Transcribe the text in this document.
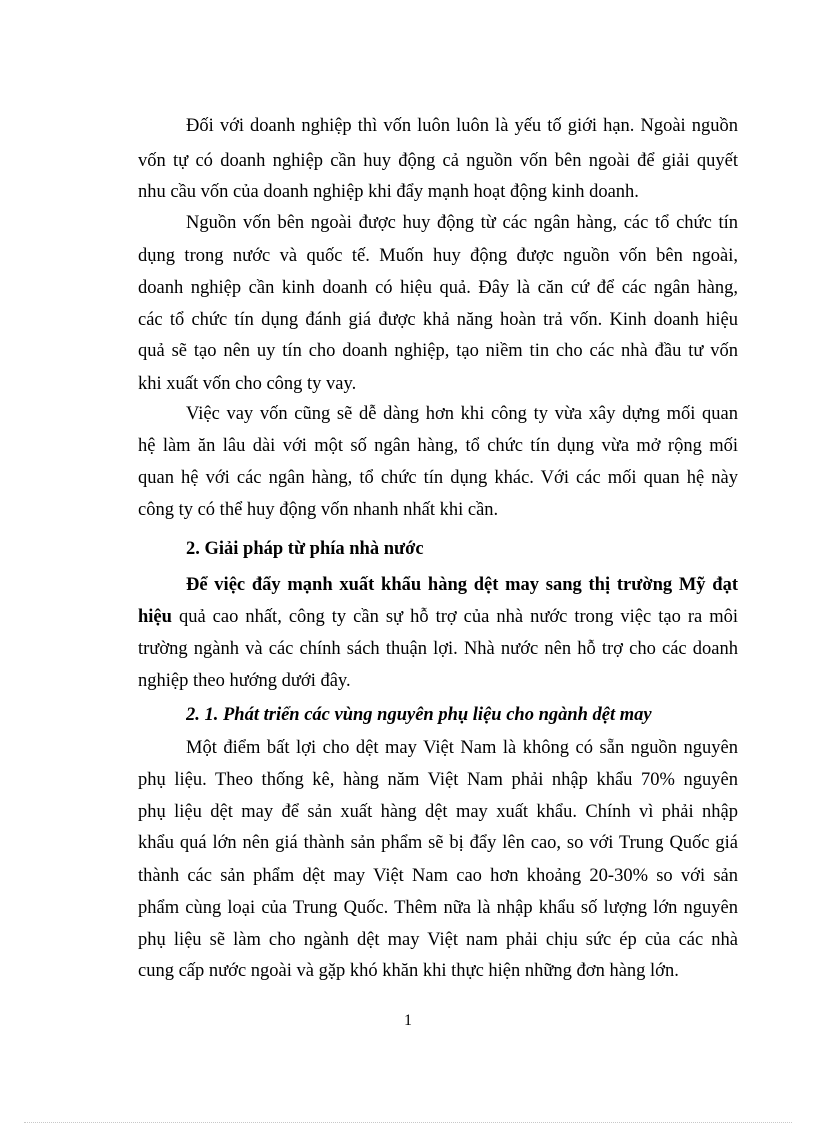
Đối với doanh nghiệp thì vốn luôn luôn là yếu tố giới hạn. Ngoài nguồn
vốn tự có doanh nghiệp cần huy động cả nguồn vốn bên ngoài để giải quyết
nhu cầu vốn của doanh nghiệp khi đẩy mạnh hoạt động kinh doanh.
Nguồn vốn bên ngoài được huy động từ các ngân hàng, các tổ chức tín
dụng trong nước và quốc tế. Muốn huy động được nguồn vốn bên ngoài,
doanh nghiệp cần kinh doanh có hiệu quả. Đây là căn cứ để các ngân hàng,
các tổ chức tín dụng đánh giá được khả năng hoàn trả vốn. Kinh doanh hiệu
quả sẽ tạo nên uy tín cho doanh nghiệp, tạo niềm tin cho các nhà đầu tư vốn
khi xuất vốn cho công ty vay.
Việc vay vốn cũng sẽ dễ dàng hơn khi công ty vừa xây dựng mối quan
hệ làm ăn lâu dài với một số ngân hàng, tổ chức tín dụng vừa mở rộng mối
quan hệ với các ngân hàng, tổ chức tín dụng khác. Với các mối quan hệ này
công ty có thể huy động vốn nhanh nhất khi cần.
2. Giải pháp từ phía nhà nước
Để việc đẩy mạnh xuất khẩu hàng dệt may sang thị trường Mỹ đạt
hiệu quả cao nhất, công ty cần sự hỗ trợ của nhà nước trong việc tạo ra môi
trường ngành và các chính sách thuận lợi. Nhà nước nên hỗ trợ cho các doanh
nghiệp theo hướng dưới đây.
2. 1. Phát triển các vùng nguyên phụ liệu cho ngành dệt may
Một điểm bất lợi cho dệt may Việt Nam là không có sẵn nguồn nguyên
phụ liệu. Theo thống kê, hàng năm Việt Nam phải nhập khẩu 70% nguyên
phụ liệu dệt may để sản xuất hàng dệt may xuất khẩu. Chính vì phải nhập
khẩu quá lớn nên giá thành sản phẩm sẽ bị đẩy lên cao, so với Trung Quốc giá
thành các sản phẩm dệt may Việt Nam cao hơn khoảng 20-30% so với sản
phẩm cùng loại của Trung Quốc. Thêm nữa là nhập khẩu số lượng lớn nguyên
phụ liệu sẽ làm cho ngành dệt may Việt nam phải chịu sức ép của các nhà
cung cấp nước ngoài và gặp khó khăn khi thực hiện những đơn hàng lớn.
1
